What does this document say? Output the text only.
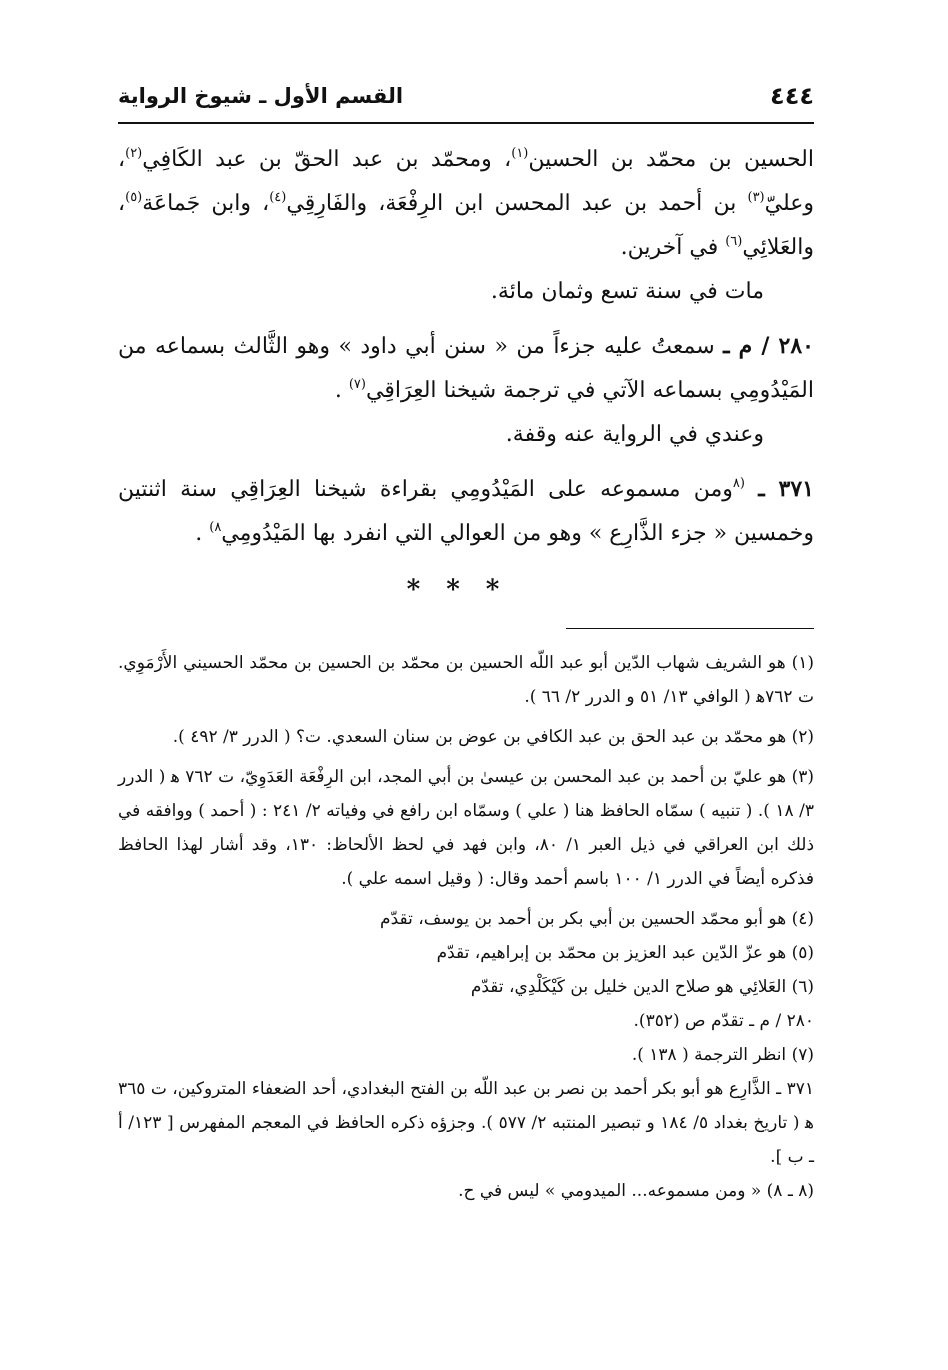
٤٤٤
القسم الأول ـ شيوخ الرواية

الحسين بن محمّد بن الحسين$^{(١)}$، ومحمّد بن عبد الحقّ بن عبد الكَافِي$^{(٢)}$، وعليّ$^{(٣)}$ بن أحمد بن عبد المحسن ابن الرِفْعَة، والفَارِقِي$^{(٤)}$، وابن جَماعَة$^{(٥)}$، والعَلائِي$^{(٦)}$ في آخرين.

مات في سنة تسع وثمان مائة.

٢٨٠ / م ـ سمعتُ عليه جزءاً من « سنن أبي داود » وهو الثَّالث بسماعه من المَيْدُومِي بسماعه الآتي في ترجمة شيخنا العِرَاقِي$^{(٧)}$ .

وعندي في الرواية عنه وقفة.

٣٧١ ـ $^{(٨}$ومن مسموعه على المَيْدُومِي بقراءة شيخنا العِرَاقِي سنة اثنتين وخمسين « جزء الذَّارِع » وهو من العوالي التي انفرد بها المَيْدُومِي$^{٨)}$ .

***

(١) هو الشريف شهاب الدّين أبو عبد اللّه الحسين بن محمّد بن الحسين بن محمّد الحسيني الأَرْمَوِي. ت ٧٦٢ه‍ ( الوافي ١٣/ ٥١ و الدرر ٢/ ٦٦ ).

(٢) هو محمّد بن عبد الحق بن عبد الكافي بن عوض بن سنان السعدي. ت؟ ( الدرر ٣/ ٤٩٢ ).

(٣) هو عليّ بن أحمد بن عبد المحسن بن عيسىٰ بن أبي المجد، ابن الرِفْعَة العَدَوِيّ، ت ٧٦٢ ه‍ ( الدرر ٣/ ١٨ ). ( تنبيه ) سمّاه الحافظ هنا ( علي ) وسمّاه ابن رافع في وفياته ٢/ ٢٤١ : ( أحمد ) ووافقه في ذلك ابن العراقي في ذيل العبر ١/ ٨٠، وابن فهد في لحظ الألحاظ: ١٣٠، وقد أشار لهذا الحافظ فذكره أيضاً في الدرر ١/ ١٠٠ باسم أحمد وقال: ( وقيل اسمه علي ).

(٤) هو أبو محمّد الحسين بن أبي بكر بن أحمد بن يوسف، تقدّم

(٥) هو عزّ الدّين عبد العزيز بن محمّد بن إبراهيم، تقدّم

(٦) العَلائِي هو صلاح الدين خليل بن كَيْكَلْدِي، تقدّم

٢٨٠ / م ـ تقدّم ص (٣٥٢).

(٧) انظر الترجمة ( ١٣٨ ).

٣٧١ ـ الذَّارِع هو أبو بكر أحمد بن نصر بن عبد اللّه بن الفتح البغدادي، أحد الضعفاء المتروكين، ت ٣٦٥ ه‍ ( تاريخ بغداد ٥/ ١٨٤ و تبصير المنتبه ٢/ ٥٧٧ ). وجزؤه ذكره الحافظ في المعجم المفهرس [ ١٢٣/ أ ـ ب ].

(٨ ـ ٨) « ومن مسموعه... الميدومي » ليس في ح.
